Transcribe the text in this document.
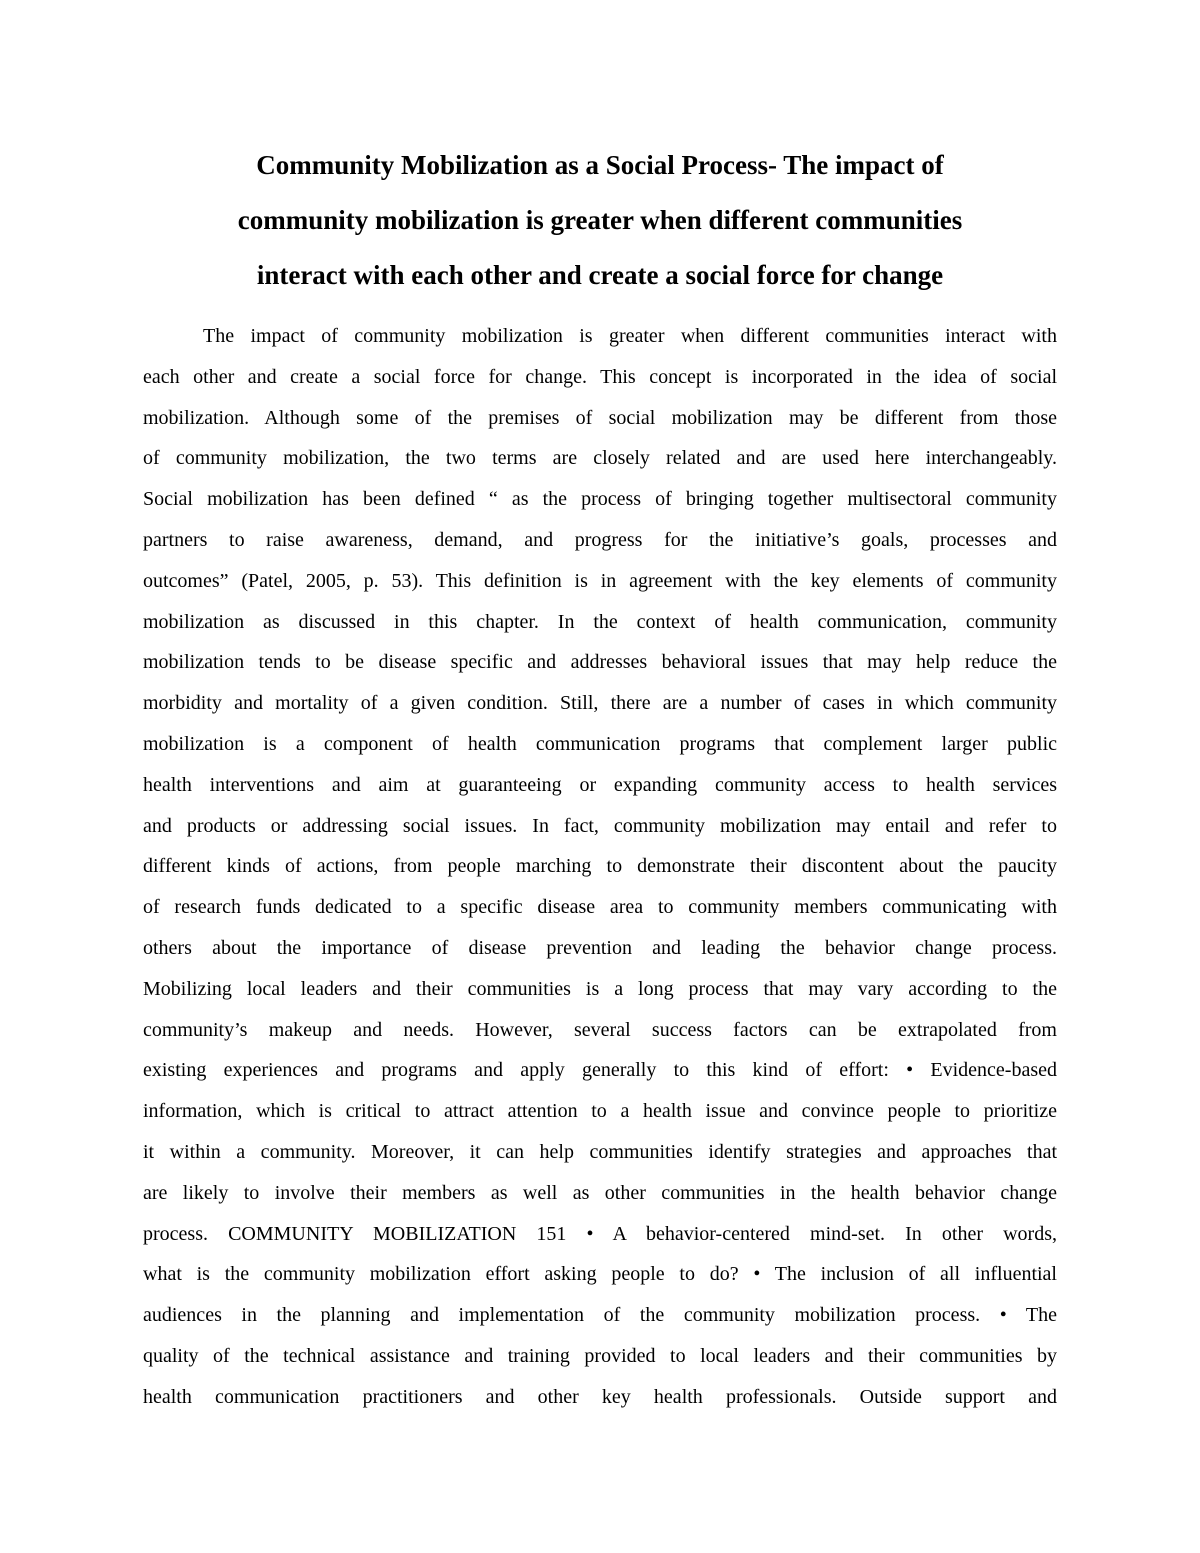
Community Mobilization as a Social Process- The impact of
community mobilization is greater when different communities
interact with each other and create a social force for change
The impact of community mobilization is greater when different communities interact with
each other and create a social force for change. This concept is incorporated in the idea of social
mobilization. Although some of the premises of social mobilization may be different from those
of community mobilization, the two terms are closely related and are used here interchangeably.
Social mobilization has been defined “ as the process of bringing together multisectoral community
partners to raise awareness, demand, and progress for the initiative’s goals, processes and
outcomes” (Patel, 2005, p. 53). This definition is in agreement with the key elements of community
mobilization as discussed in this chapter. In the context of health communication, community
mobilization tends to be disease specific and addresses behavioral issues that may help reduce the
morbidity and mortality of a given condition. Still, there are a number of cases in which community
mobilization is a component of health communication programs that complement larger public
health interventions and aim at guaranteeing or expanding community access to health services
and products or addressing social issues. In fact, community mobilization may entail and refer to
different kinds of actions, from people marching to demonstrate their discontent about the paucity
of research funds dedicated to a specific disease area to community members communicating with
others about the importance of disease prevention and leading the behavior change process.
Mobilizing local leaders and their communities is a long process that may vary according to the
community’s makeup and needs. However, several success factors can be extrapolated from
existing experiences and programs and apply generally to this kind of effort: • Evidence-based
information, which is critical to attract attention to a health issue and convince people to prioritize
it within a community. Moreover, it can help communities identify strategies and approaches that
are likely to involve their members as well as other communities in the health behavior change
process. COMMUNITY MOBILIZATION 151 • A behavior-centered mind-set. In other words,
what is the community mobilization effort asking people to do? • The inclusion of all influential
audiences in the planning and implementation of the community mobilization process. • The
quality of the technical assistance and training provided to local leaders and their communities by
health communication practitioners and other key health professionals. Outside support and
